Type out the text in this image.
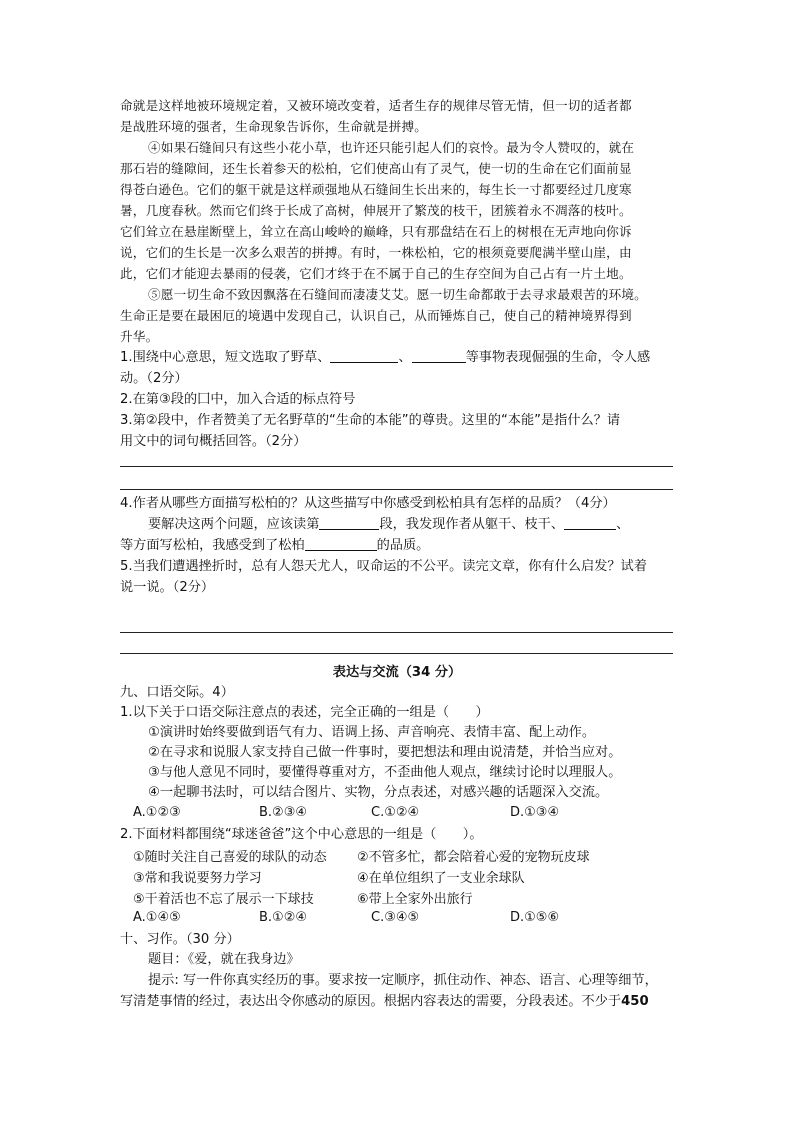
命就是这样地被环境规定着，又被环境改变着，适者生存的规律尽管无情，但一切的适者都
是战胜环境的强者，生命现象告诉你，生命就是拼搏。
④如果石缝间只有这些小花小草，也许还只能引起人们的哀怜。最为令人赞叹的，就在
那石岩的缝隙间，还生长着参天的松柏，它们使高山有了灵气，使一切的生命在它们面前显
得苍白逊色。它们的躯干就是这样顽强地从石缝间生长出来的，每生长一寸都要经过几度寒
暑，几度春秋。然而它们终于长成了高树，伸展开了繁茂的枝干，团簇着永不凋落的枝叶。
它们耸立在悬崖断壁上，耸立在高山峻岭的巅峰，只有那盘结在石上的树根在无声地向你诉
说，它们的生长是一次多么艰苦的拼搏。有时，一株松柏，它的根须竟要爬满半壁山崖，由
此，它们才能迎去暴雨的侵袭，它们才终于在不属于自己的生存空间为自己占有一片土地。
⑤愿一切生命不致因飘落在石缝间而凄凄艾艾。愿一切生命都敢于去寻求最艰苦的环境。
生命正是要在最困厄的境遇中发现自己，认识自己，从而锤炼自己，使自己的精神境界得到
升华。
1.围绕中心意思，短文选取了野草、	、	等事物表现倔强的生命，令人感
动。（2分）
2.在第③段的囗中，加入合适的标点符号
3.第②段中，作者赞美了无名野草的“生命的本能”的尊贵。这里的“本能”是指什么？请
用文中的词句概括回答。（2分）
4.作者从哪些方面描写松柏的？从这些描写中你感受到松柏具有怎样的品质？（4分）
要解决这两个问题，应该读第	段，我发现作者从躯干、枝干、	、
等方面写松柏，我感受到了松柏	的品质。
5.当我们遭遇挫折时，总有人怨天尤人，叹命运的不公平。读完文章，你有什么启发？试着
说一说。（2分）
表达与交流（34 分）
九、口语交际。4）
1.以下关于口语交际注意点的表述，完全正确的一组是（　　）
①演讲时始终要做到语气有力、语调上扬、声音响亮、表情丰富、配上动作。
②在寻求和说服人家支持自己做一件事时，要把想法和理由说清楚，并恰当应对。
③与他人意见不同时，要懂得尊重对方，不歪曲他人观点，继续讨论时以理服人。
④一起聊书法时，可以结合图片、实物，分点表述，对感兴趣的话题深入交流。
A.①②③	B.②③④	C.①②④	D.①③④
2.下面材料都围绕“球迷爸爸”这个中心意思的一组是（　　）。
①随时关注自己喜爱的球队的动态 ②不管多忙，都会陪着心爱的宠物玩皮球
③常和我说要努力学习	④在单位组织了一支业余球队
⑤干着活也不忘了展示一下球技	⑥带上全家外出旅行
A.①④⑤	B.①②④	C.③④⑤	D.①⑤⑥
十、习作。（30 分）
题目：《爱，就在我身边》
提示: 写一件你真实经历的事。要求按一定顺序，抓住动作、神态、语言、心理等细节，
写清楚事情的经过，表达出令你感动的原因。根据内容表达的需要，分段表述。不少于450
